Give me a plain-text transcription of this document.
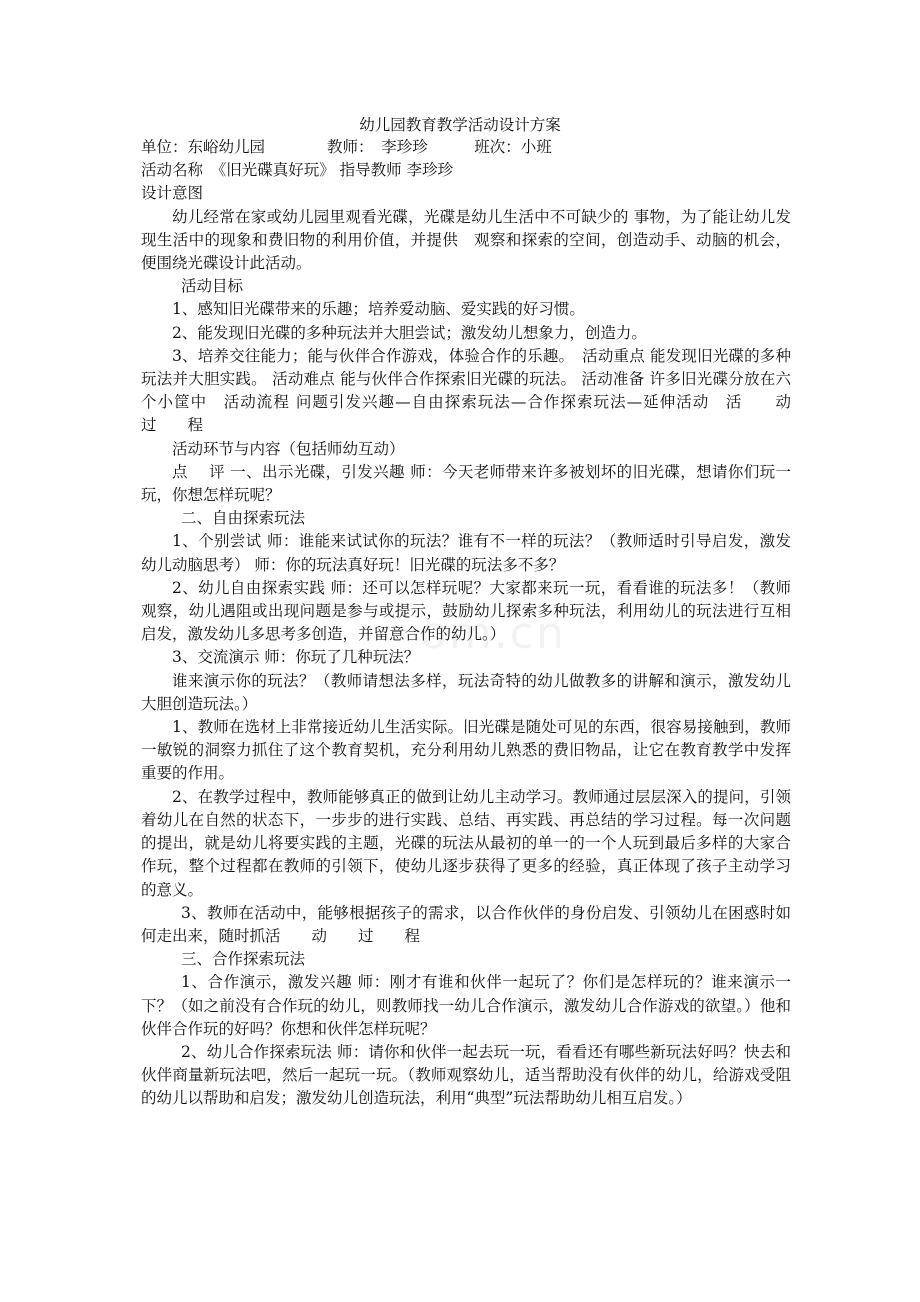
om.cn
幼儿园教育教学活动设计方案

单位：东峪幼儿园　　　　教师：　李珍珍　　　班次：小班

活动名称　《旧光碟真好玩》 指导教师 李珍珍

设计意图

幼儿经常在家或幼儿园里观看光碟，光碟是幼儿生活中不可缺少的 事物，为了能让幼儿发现生活中的现象和费旧物的利用价值，并提供　观察和探索的空间，创造动手、动脑的机会，便围绕光碟设计此活动。

活动目标

1、感知旧光碟带来的乐趣；培养爱动脑、爱实践的好习惯。

2、能发现旧光碟的多种玩法并大胆尝试；激发幼儿想象力，创造力。

3、培养交往能力；能与伙伴合作游戏，体验合作的乐趣。　活动重点 能发现旧光碟的多种玩法并大胆实践。 活动难点 能与伙伴合作探索旧光碟的玩法。 活动准备 许多旧光碟分放在六个小筐中　活动流程 问题引发兴趣—自由探索玩法—合作探索玩法—延伸活动　活　　动　　过　　程

活动环节与内容（包括师幼互动）

点　 评 一、出示光碟，引发兴趣 师：今天老师带来许多被划坏的旧光碟，想请你们玩一玩，你想怎样玩呢？

二、自由探索玩法

1、个别尝试 师：谁能来试试你的玩法？谁有不一样的玩法？（教师适时引导启发，激发幼儿动脑思考） 师：你的玩法真好玩！旧光碟的玩法多不多？

2、幼儿自由探索实践 师：还可以怎样玩呢？大家都来玩一玩，看看谁的玩法多！（教师观察，幼儿遇阻或出现问题是参与或提示，鼓励幼儿探索多种玩法，利用幼儿的玩法进行互相启发，激发幼儿多思考多创造，并留意合作的幼儿。）

3、交流演示 师：你玩了几种玩法？

谁来演示你的玩法？（教师请想法多样，玩法奇特的幼儿做教多的讲解和演示，激发幼儿大胆创造玩法。）

1、教师在选材上非常接近幼儿生活实际。旧光碟是随处可见的东西，很容易接触到，教师一敏锐的洞察力抓住了这个教育契机，充分利用幼儿熟悉的费旧物品，让它在教育教学中发挥重要的作用。

2、在教学过程中，教师能够真正的做到让幼儿主动学习。教师通过层层深入的提问，引领着幼儿在自然的状态下，一步步的进行实践、总结、再实践、再总结的学习过程。每一次问题的提出，就是幼儿将要实践的主题，光碟的玩法从最初的单一的一个人玩到最后多样的大家合作玩，整个过程都在教师的引领下，使幼儿逐步获得了更多的经验，真正体现了孩子主动学习的意义。

3、教师在活动中，能够根据孩子的需求，以合作伙伴的身份启发、引领幼儿在困惑时如何走出来，随时抓活　　动　　过　　程

三、合作探索玩法

1、合作演示，激发兴趣 师：刚才有谁和伙伴一起玩了？你们是怎样玩的？谁来演示一下？（如之前没有合作玩的幼儿，则教师找一幼儿合作演示，激发幼儿合作游戏的欲望。）他和伙伴合作玩的好吗？你想和伙伴怎样玩呢？

2、幼儿合作探索玩法 师：请你和伙伴一起去玩一玩，看看还有哪些新玩法好吗？快去和伙伴商量新玩法吧，然后一起玩一玩。（教师观察幼儿，适当帮助没有伙伴的幼儿，给游戏受阻的幼儿以帮助和启发；激发幼儿创造玩法，利用“典型”玩法帮助幼儿相互启发。）
